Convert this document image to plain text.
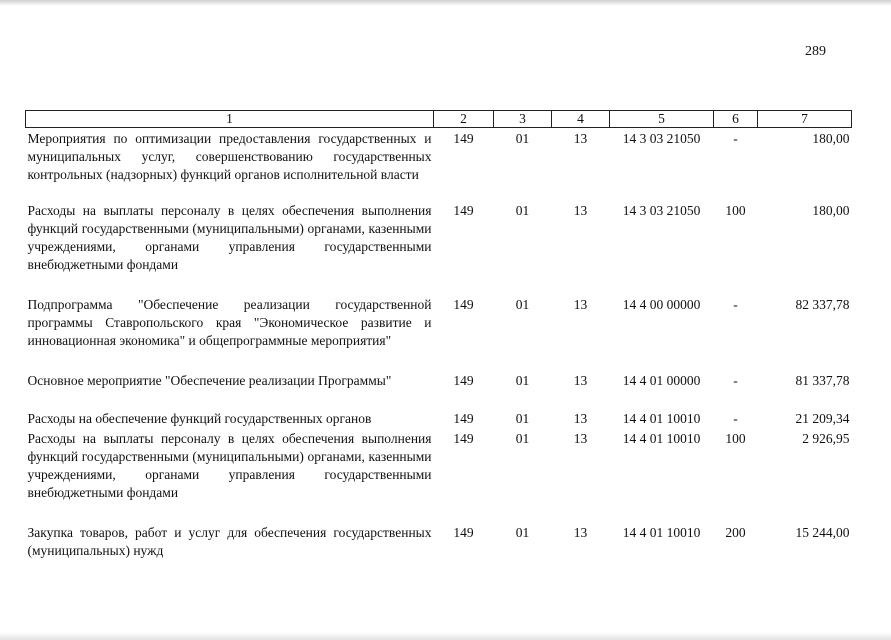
289
1	2	3	4	5	6	7
Мероприятия по оптимизации предоставления государственных и муниципальных услуг, совершенствованию государственных контрольных (надзорных) функций органов исполнительной власти	149	01	13	14 3 03 21050	-	180,00
Расходы на выплаты персоналу в целях обеспечения выполнения функций государственными (муниципальными) органами, казенными учреждениями, органами управления государственными внебюджетными фондами	149	01	13	14 3 03 21050	100	180,00
Подпрограмма "Обеспечение реализации государственной программы Ставропольского края "Экономическое развитие и инновационная экономика" и общепрограммные мероприятия"	149	01	13	14 4 00 00000	-	82 337,78
Основное мероприятие "Обеспечение реализации Программы"	149	01	13	14 4 01 00000	-	81 337,78
Расходы на обеспечение функций государственных органов	149	01	13	14 4 01 10010	-	21 209,34
Расходы на выплаты персоналу в целях обеспечения выполнения функций государственными (муниципальными) органами, казенными учреждениями, органами управления государственными внебюджетными фондами	149	01	13	14 4 01 10010	100	2 926,95
Закупка товаров, работ и услуг для обеспечения государственных (муниципальных) нужд	149	01	13	14 4 01 10010	200	15 244,00
